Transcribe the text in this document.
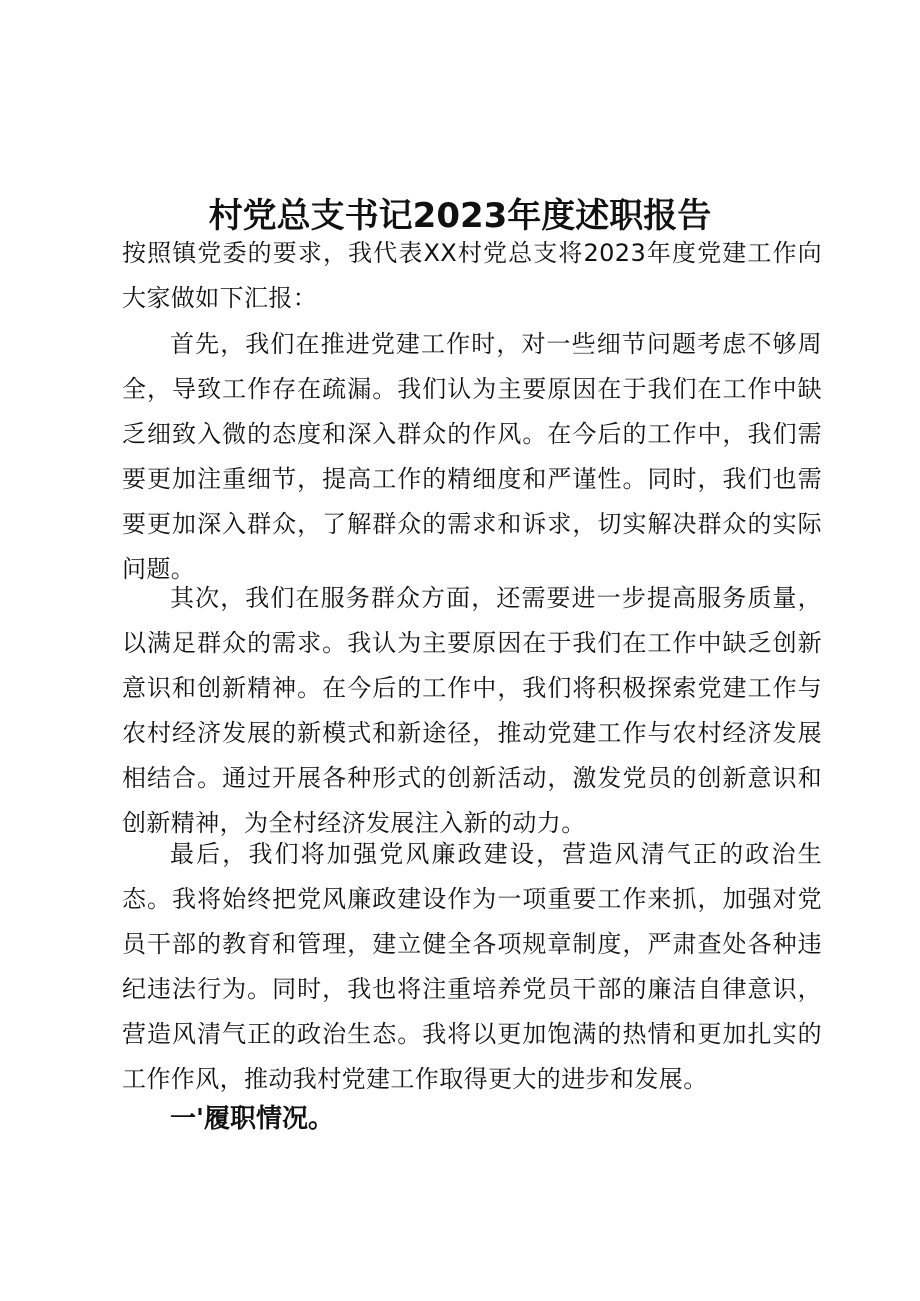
村党总支书记2023年度述职报告

按照镇党委的要求，我代表XX村党总支将2023年度党建工作向大家做如下汇报：

首先，我们在推进党建工作时，对一些细节问题考虑不够周全，导致工作存在疏漏。我们认为主要原因在于我们在工作中缺乏细致入微的态度和深入群众的作风。在今后的工作中，我们需要更加注重细节，提高工作的精细度和严谨性。同时，我们也需要更加深入群众，了解群众的需求和诉求，切实解决群众的实际问题。

其次，我们在服务群众方面，还需要进一步提高服务质量，以满足群众的需求。我认为主要原因在于我们在工作中缺乏创新意识和创新精神。在今后的工作中，我们将积极探索党建工作与农村经济发展的新模式和新途径，推动党建工作与农村经济发展相结合。通过开展各种形式的创新活动，激发党员的创新意识和创新精神，为全村经济发展注入新的动力。

最后，我们将加强党风廉政建设，营造风清气正的政治生态。我将始终把党风廉政建设作为一项重要工作来抓，加强对党员干部的教育和管理，建立健全各项规章制度，严肃查处各种违纪违法行为。同时，我也将注重培养党员干部的廉洁自律意识，营造风清气正的政治生态。我将以更加饱满的热情和更加扎实的工作作风，推动我村党建工作取得更大的进步和发展。

一'履职情况。
